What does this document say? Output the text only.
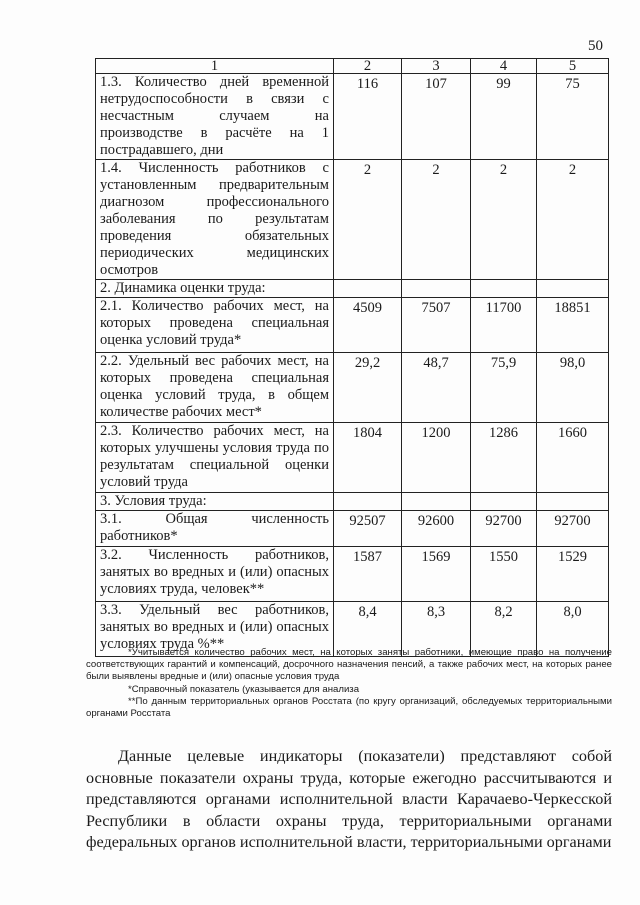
50
1	2	3	4	5
1.3. Количество дней временной нетрудоспособности в связи с несчастным случаем на производстве в расчёте на 1 пострадавшего, дни	116	107	99	75
1.4. Численность работников с установленным предварительным диагнозом профессионального заболевания по результатам проведения обязательных периодических медицинских осмотров	2	2	2	2
2. Динамика оценки труда:				
2.1. Количество рабочих мест, на которых проведена специальная оценка условий труда*	4509	7507	11700	18851
2.2. Удельный вес рабочих мест, на которых проведена специальная оценка условий труда, в общем количестве рабочих мест*	29,2	48,7	75,9	98,0
2.3. Количество рабочих мест, на которых улучшены условия труда по результатам специальной оценки условий труда	1804	1200	1286	1660
3. Условия труда:				
3.1. Общая численность работников*	92507	92600	92700	92700
3.2. Численность работников, занятых во вредных и (или) опасных условиях труда, человек**	1587	1569	1550	1529
3.3. Удельный вес работников, занятых во вредных и (или) опасных условиях труда %**	8,4	8,3	8,2	8,0

*Учитывается количество рабочих мест, на которых заняты работники, имеющие право на получение соответствующих гарантий и компенсаций, досрочного назначения пенсий, а также рабочих мест, на которых ранее были выявлены вредные и (или) опасные условия труда

*Справочный показатель (указывается для анализа

**По данным территориальных органов Росстата (по кругу организаций, обследуемых территориальными органами Росстата

Данные целевые индикаторы (показатели) представляют собой основные показатели охраны труда, которые ежегодно рассчитываются и представляются органами исполнительной власти Карачаево-Черкесской Республики в области охраны труда, территориальными органами федеральных органов исполнительной власти, территориальными органами
